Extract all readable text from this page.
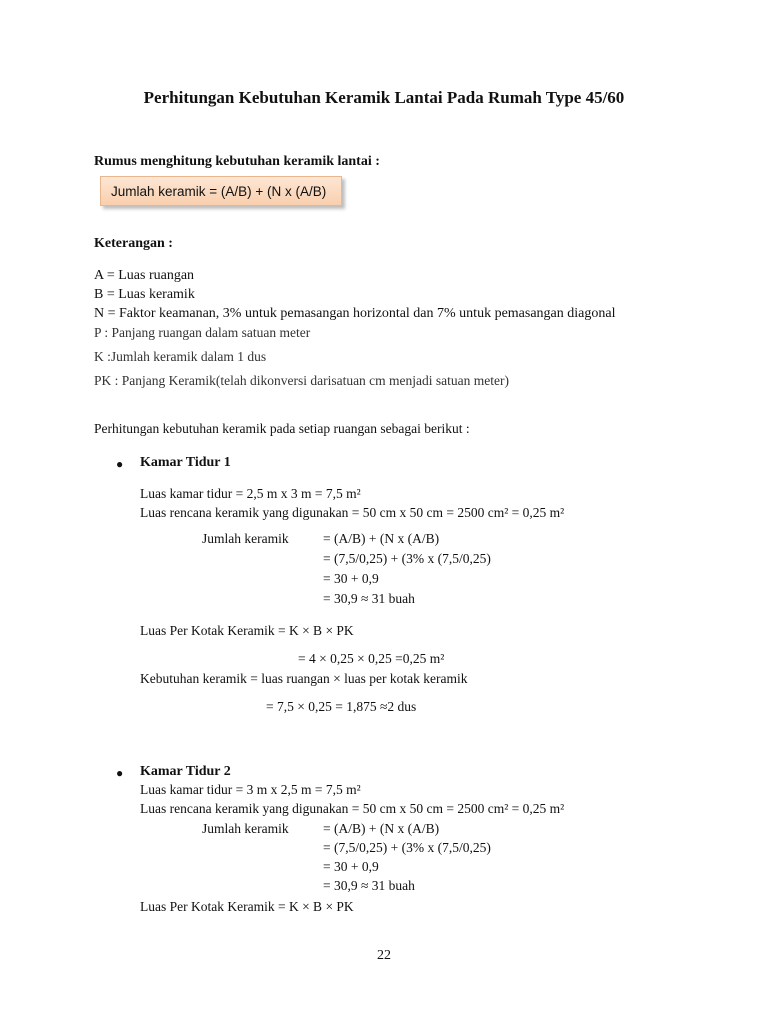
Perhitungan Kebutuhan Keramik Lantai Pada Rumah Type 45/60
Rumus menghitung kebutuhan keramik lantai :
Jumlah keramik = (A/B) + (N x (A/B)
Keterangan :
A = Luas ruangan
B = Luas keramik
N = Faktor keamanan, 3% untuk pemasangan horizontal dan 7% untuk pemasangan diagonal
P : Panjang ruangan dalam satuan meter
K :Jumlah keramik dalam 1 dus
PK : Panjang Keramik(telah dikonversi darisatuan cm menjadi satuan meter)
Perhitungan kebutuhan keramik pada setiap ruangan sebagai berikut :
● Kamar Tidur 1
Luas kamar tidur = 2,5 m x 3 m = 7,5 m²
Luas rencana keramik yang digunakan = 50 cm x 50 cm = 2500 cm² = 0,25 m²
Jumlah keramik	= (A/B) + (N x (A/B)
= (7,5/0,25) + (3% x (7,5/0,25)
= 30 + 0,9
= 30,9 ≈ 31 buah
Luas Per Kotak Keramik = K × B × PK
= 4 × 0,25 × 0,25 =0,25 m²
Kebutuhan keramik = luas ruangan × luas per kotak keramik
= 7,5 × 0,25 = 1,875 ≈2 dus
● Kamar Tidur 2
Luas kamar tidur = 3 m x 2,5 m = 7,5 m²
Luas rencana keramik yang digunakan = 50 cm x 50 cm = 2500 cm² = 0,25 m²
Jumlah keramik	= (A/B) + (N x (A/B)
= (7,5/0,25) + (3% x (7,5/0,25)
= 30 + 0,9
= 30,9 ≈ 31 buah
Luas Per Kotak Keramik = K × B × PK
22
